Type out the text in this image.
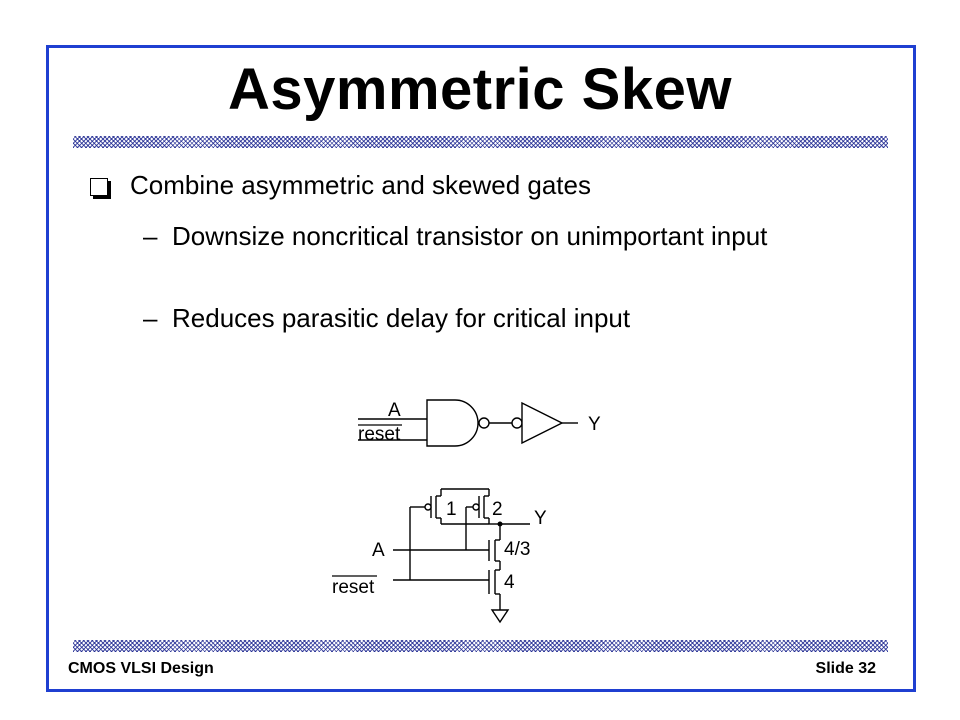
Asymmetric Skew
Combine asymmetric and skewed gates
– Downsize noncritical transistor on unimportant input
– Reduces parasitic delay for critical input
A
reset	Y
1 2 Y
4/3
4
A
reset
CMOS VLSI Design	Slide 32
